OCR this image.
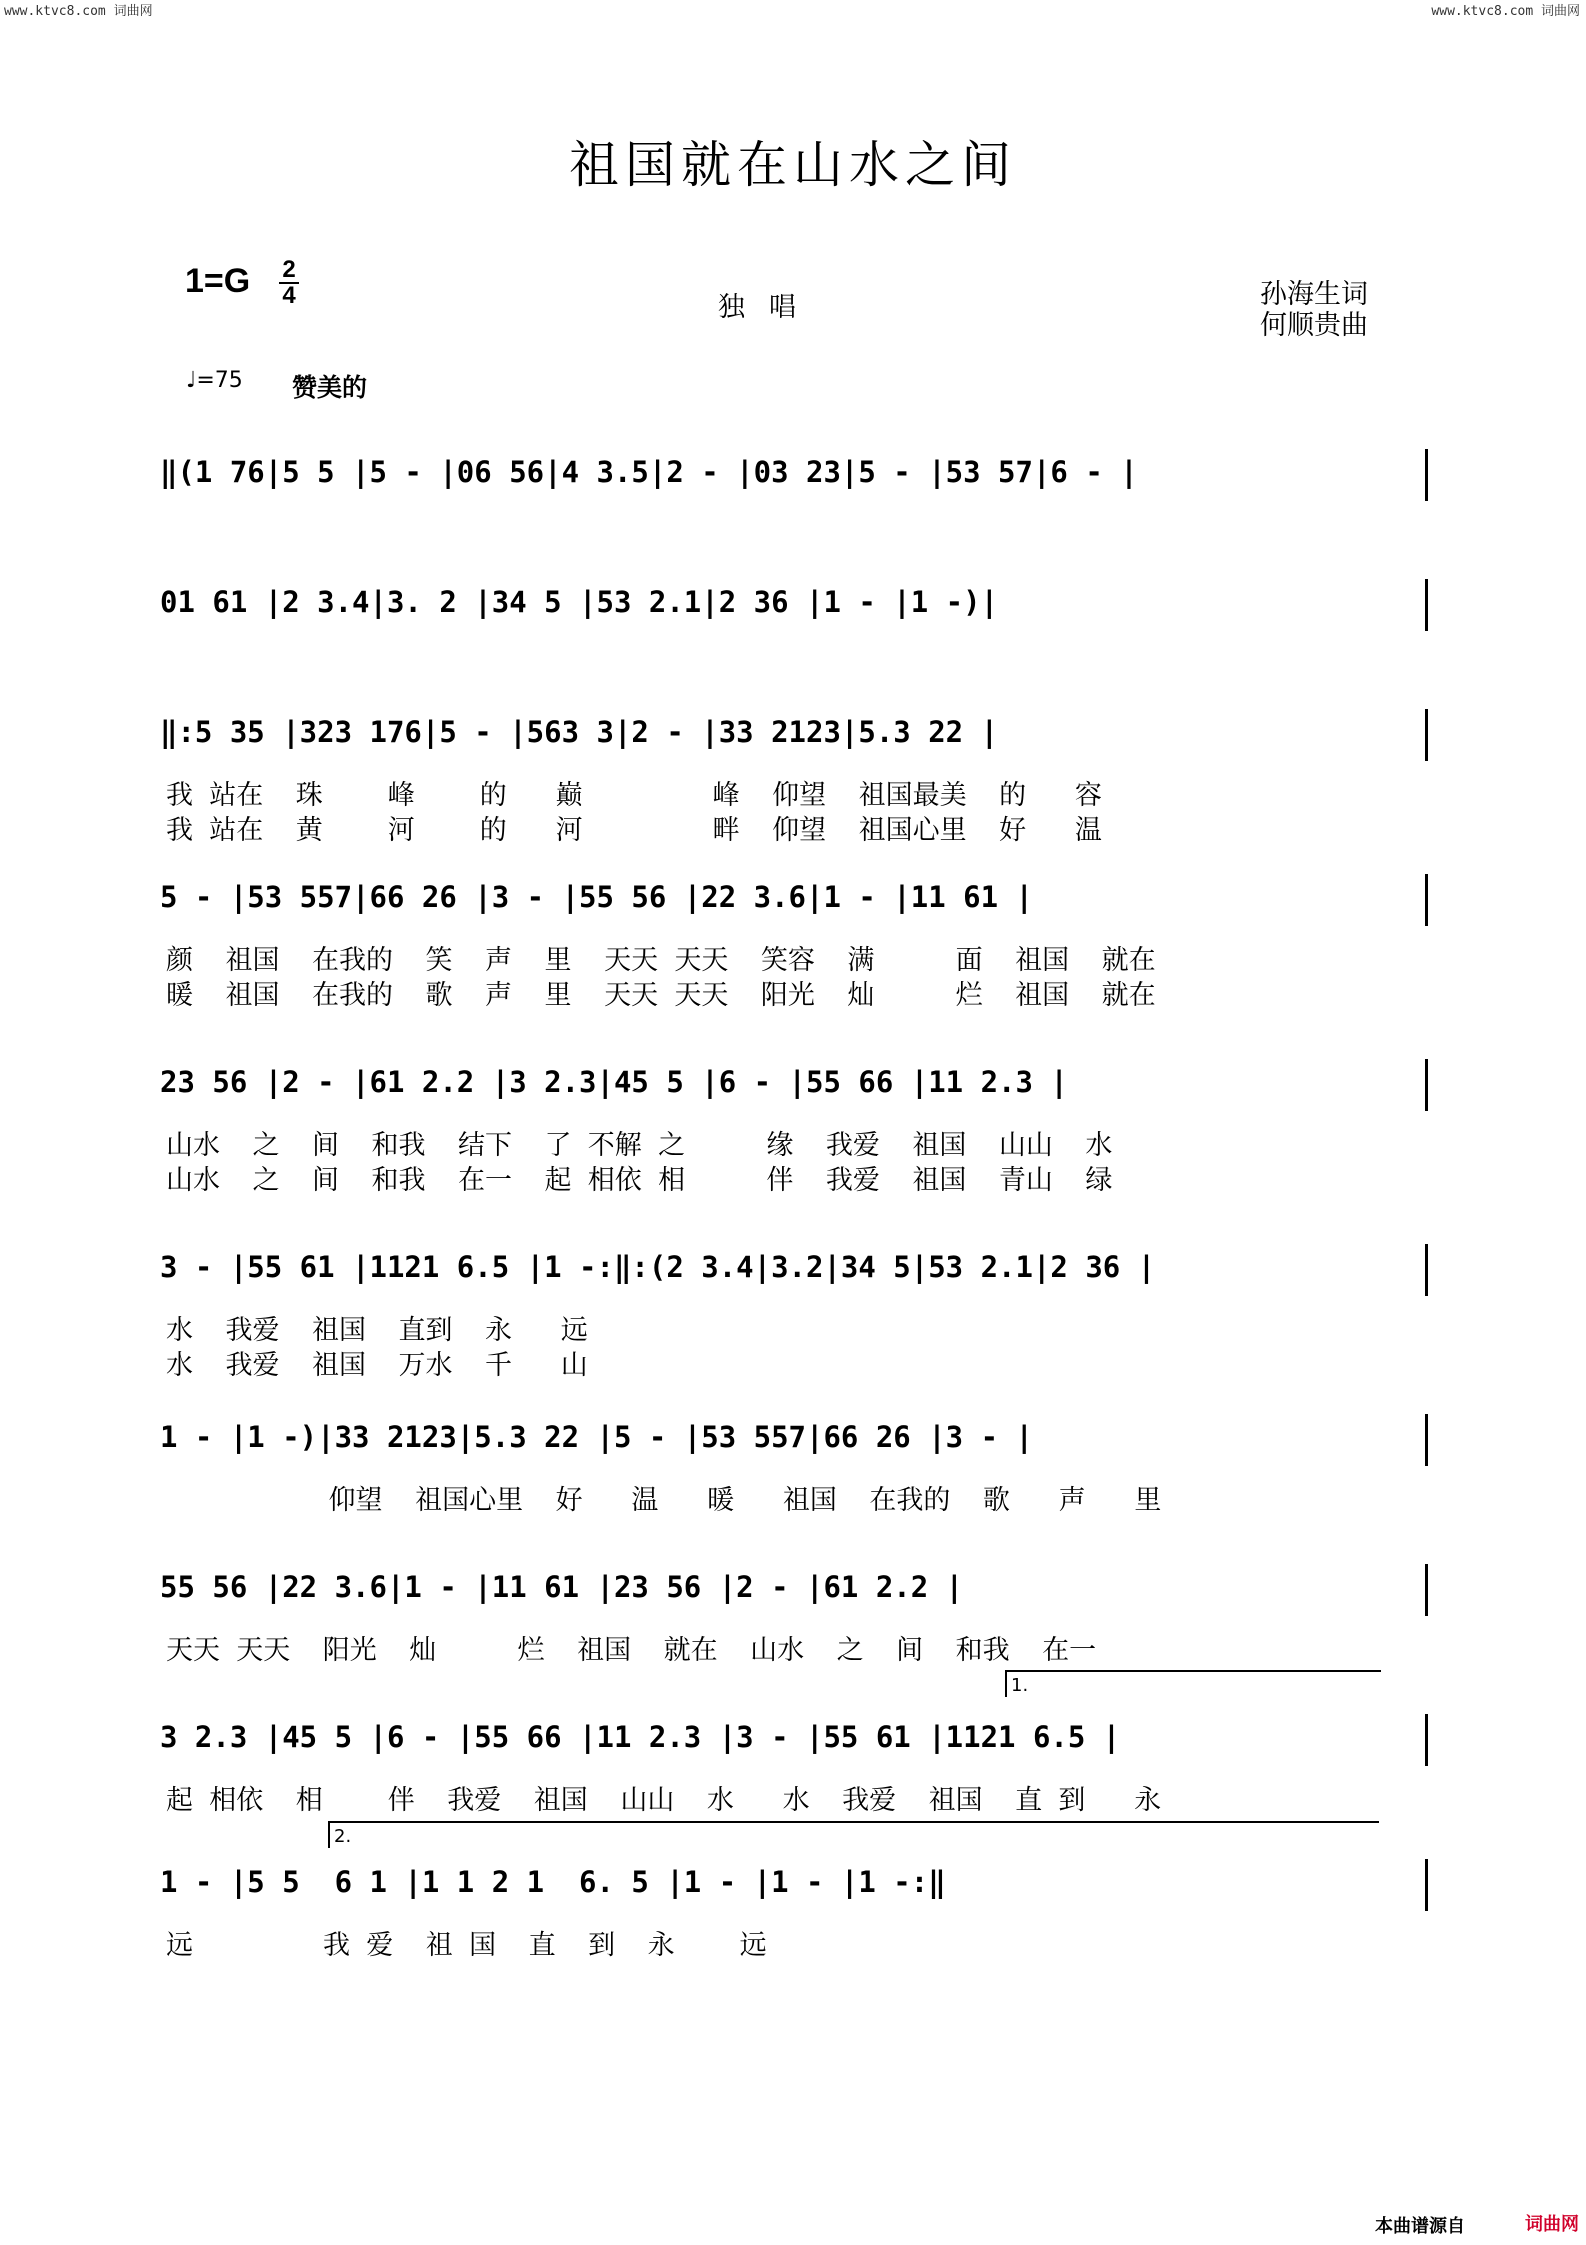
www.ktvc8.com 词曲网	www.ktvc8.com 词曲网
祖国就在山水之间
1=G 2
4	独唱	孙海生词
何顺贵曲
♩=75 赞美的
‖(1 76|5 5 |5 - |06 56|4 3.5|2 - |03 23|5 - |53 57|6 - |
01 61 |2 3.4|3. 2 |34 5 |53 2.1|2 36 |1 - |1 -)|
‖:5 35 |323 176|5 - |563 3|2 - |33 2123|5.3 22 |
我 站在  珠    峰    的   巅        峰  仰望  祖国最美  的   容
我 站在  黄    河    的   河        畔  仰望  祖国心里  好   温
5 - |53 557|66 26 |3 - |55 56 |22 3.6|1 - |11 61 |
颜  祖国  在我的  笑  声  里  天天 天天  笑容  满     面  祖国  就在
暖  祖国  在我的  歌  声  里  天天 天天  阳光  灿     烂  祖国  就在
23 56 |2 - |61 2.2 |3 2.3|45 5 |6 - |55 66 |11 2.3 |
山水  之  间  和我  结下  了 不解 之     缘  我爱  祖国  山山  水
山水  之  间  和我  在一  起 相依 相     伴  我爱  祖国  青山  绿
3 - |55 61 |1121 6.5 |1 -:‖:(2 3.4|3.2|34 5|53 2.1|2 36 |
水  我爱  祖国  直到  永   远
水  我爱  祖国  万水  千   山
1 - |1 -)|33 2123|5.3 22 |5 - |53 557|66 26 |3 - |
仰望  祖国心里  好   温   暖   祖国  在我的  歌   声   里
55 56 |22 3.6|1 - |11 61 |23 56 |2 - |61 2.2 |
天天 天天  阳光  灿     烂  祖国  就在  山水  之  间  和我  在一
3 2.3 |45 5 |6 - |55 66 |11 2.3 |3 - |55 61 |1121 6.5 |
起 相依  相    伴  我爱  祖国  山山  水   水  我爱  祖国  直 到   永
1.
1 - |5 5  6 1 |1 1 2 1  6. 5 |1 - |1 - |1 -:‖
远        我 爱  祖 国  直  到  永    远
2.
本曲谱源自	词曲网
